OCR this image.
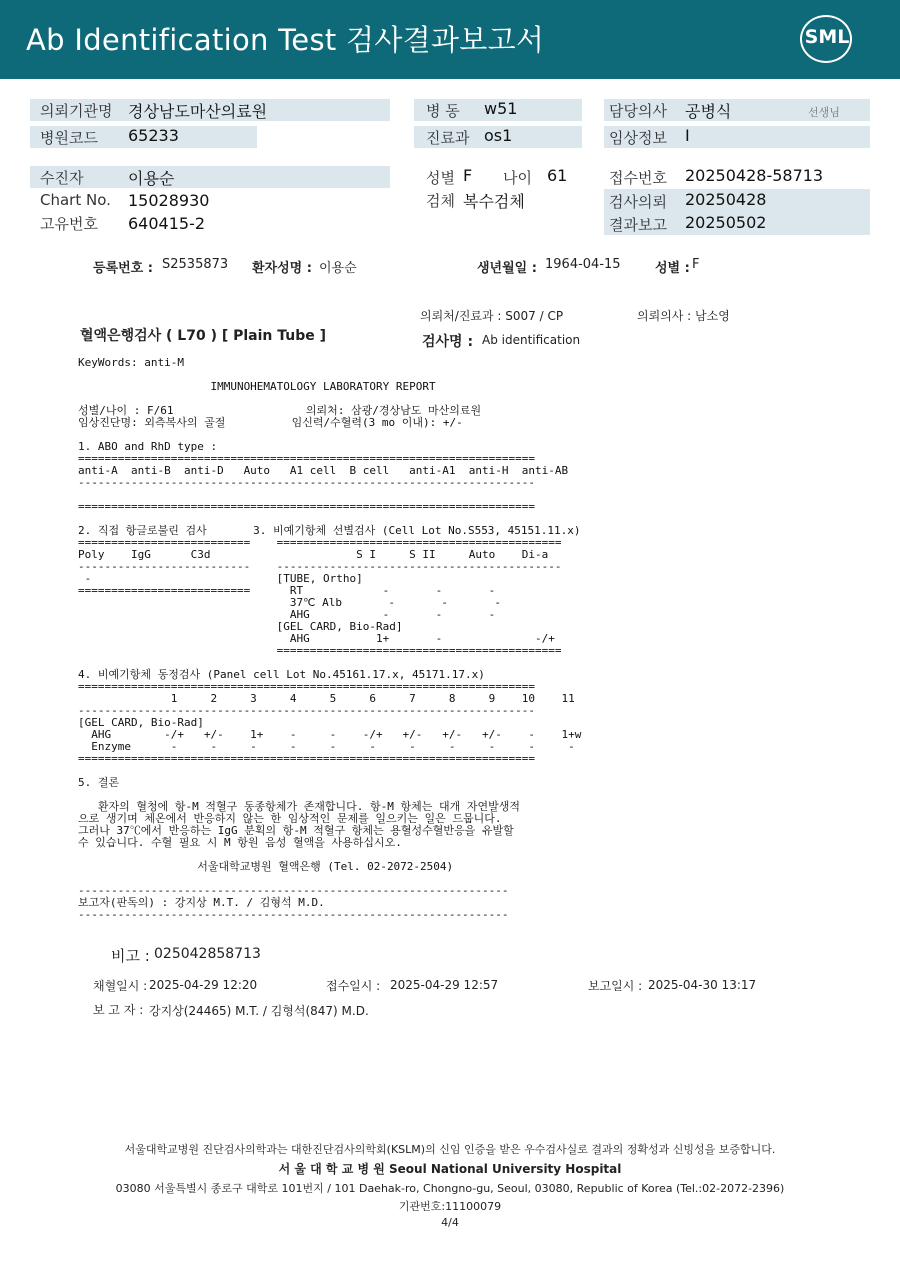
Ab Identification Test 검사결과보고서	SML
의뢰기관명 경상남도마산의료원	병 동 w51	담당의사 공병식	선생님
병원코드 65233	진료과 os1	임상정보 I
수진자	이용순	성별 F 나이 61	접수번호 20250428-58713
Chart No. 15028930	검체 복수검체	검사의뢰 20250428
고유번호 640415-2	결과보고 20250502
등록번호 : S2535873 환자성명 : 이용순	생년월일 : 1964-04-15	성별 : F
의뢰처/진료과 : S007 / CP	의뢰의사 : 남소영
혈액은행검사 ( L70 ) [ Plain Tube ]	검사명 : Ab identification
KeyWords: anti-M

IMMUNOHEMATOLOGY LABORATORY REPORT

성별/나이 : F/61                    의뢰처: 삼광/경상남도 마산의료원
임상진단명: 외측복사의 골절          임신력/수혈력(3 mo 이내): +/-

1. ABO and RhD type :
=====================================================================
anti-A  anti-B  anti-D   Auto   A1 cell  B cell   anti-A1  anti-H  anti-AB
---------------------------------------------------------------------

=====================================================================

2. 직접 항글로불린 검사       3. 비예기항체 선별검사 (Cell Lot No.S553, 45151.11.x)
==========================    ===========================================
Poly    IgG      C3d                      S I     S II     Auto    Di-a
--------------------------    -------------------------------------------
-                            [TUBE, Ortho]
==========================      RT            -       -       -
37℃ Alb       -       -       -
AHG           -       -       -
[GEL CARD, Bio-Rad]
AHG          1+       -              -/+
===========================================

4. 비예기항체 동정검사 (Panel cell Lot No.45161.17.x, 45171.17.x)
=====================================================================
1     2     3     4     5     6     7     8     9    10    11
---------------------------------------------------------------------
[GEL CARD, Bio-Rad]
AHG        -/+   +/-    1+    -     -    -/+   +/-   +/-   +/-    -    1+w
Enzyme      -     -     -     -     -     -     -     -     -     -     -
=====================================================================

5. 결론

환자의 혈청에 항-M 적혈구 동종항체가 존재합니다. 항-M 항체는 대개 자연발생적
으로 생기며 체온에서 반응하지 않는 한 임상적인 문제를 일으키는 일은 드뭅니다.
그러나 37℃에서 반응하는 IgG 분획의 항-M 적혈구 항체는 용혈성수혈반응을 유발할
수 있습니다. 수혈 필요 시 M 항원 음성 혈액을 사용하십시오.

서울대학교병원 혈액은행 (Tel. 02-2072-2504)

-----------------------------------------------------------------
보고자(판독의) : 강지상 M.T. / 김형석 M.D.
-----------------------------------------------------------------
비고 : 025042858713
채혈일시 : 2025-04-29 12:20	접수일시 : 2025-04-29 12:57	보고일시 : 2025-04-30 13:17
보 고 자 : 강지상(24465) M.T. / 김형석(847) M.D.
서울대학교병원 진단검사의학과는 대한진단검사의학회(KSLM)의 신임 인증을 받은 우수검사실로 결과의 정확성과 신빙성을 보증합니다.
서 울 대 학 교 병 원 Seoul National University Hospital
03080 서울특별시 종로구 대학로 101번지 / 101 Daehak-ro, Chongno-gu, Seoul, 03080, Republic of Korea (Tel.:02-2072-2396)
기관번호:11100079
4/4
